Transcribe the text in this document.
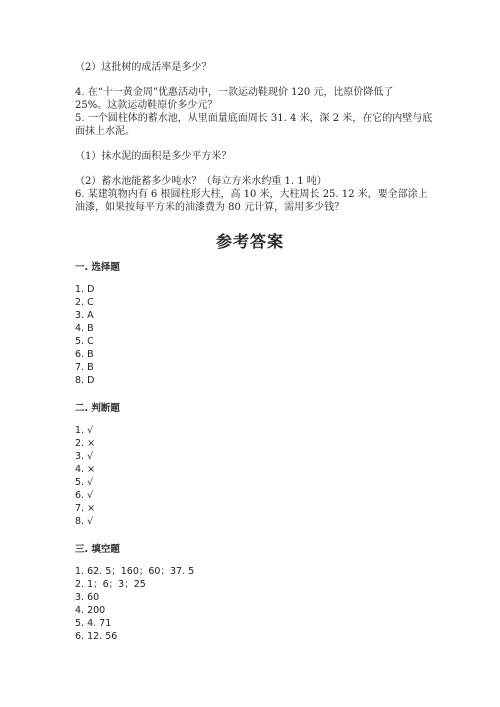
（2）这批树的成活率是多少？
4. 在“十一黄金周”优惠活动中，一款运动鞋现价 120 元，比原价降低了
25%。这款运动鞋原价多少元？
5. 一个圆柱体的蓄水池，从里面量底面周长 31. 4 米，深 2 米，在它的内壁与底
面抹上水泥。
（1）抹水泥的面积是多少平方米？
（2）蓄水池能蓄多少吨水？（每立方米水约重 1. 1 吨）
6. 某建筑物内有 6 根圆柱形大柱，高 10 米，大柱周长 25. 12 米，要全部涂上
油漆，如果按每平方米的油漆费为 80 元计算，需用多少钱？
参考答案
一. 选择题
1. D
2. C
3. A
4. B
5. C
6. B
7. B
8. D
二. 判断题
1. √
2. ×
3. √
4. ×
5. √
6. √
7. ×
8. √
三. 填空题
1. 62. 5；160；60；37. 5
2. 1；6；3；25
3. 60
4. 200
5. 4. 71
6. 12. 56
